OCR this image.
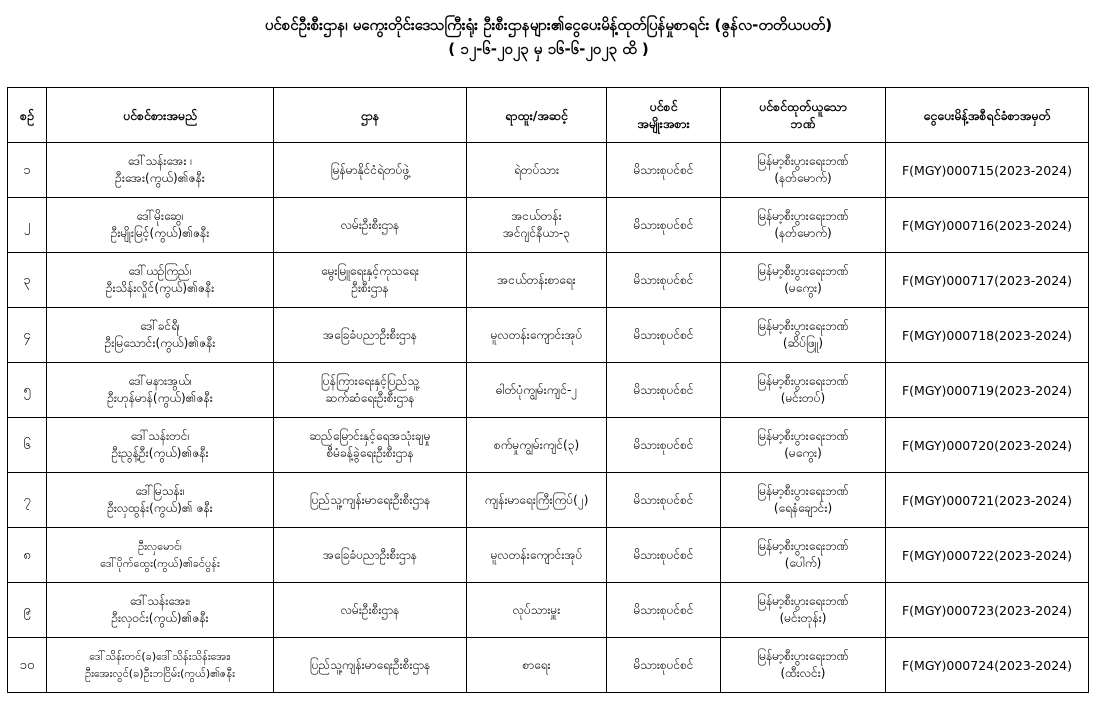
ပင်စင်ဦးစီးဌာန၊ မကွေးတိုင်းဒေသကြီးရုံး ဦးစီးဌာနများ၏ငွေပေးမိန့်ထုတ်ပြန်မှုစာရင်း (ဇွန်လ-တတိယပတ်)
( ၁၂-၆-၂၀၂၃ မှ ၁၆-၆-၂၀၂၃ ထိ )
စဉ်	ပင်စင်စားအမည်	ဌာန	ရာထူး/အဆင့်	ပင်စင်
အမျိုးအစား	ပင်စင်ထုတ်ယူသော
ဘဏ်	ငွေပေးမိန့်အစီရင်ခံစာအမှတ်
၁	ဒေါ်သန်းအေး ၊
ဦးအေး(ကွယ်)၏ဇနီး	မြန်မာနိုင်ငံရဲတပ်ဖွဲ့	ရဲတပ်သား	မိသားစုပင်စင်	မြန်မာ့စီးပွားရေးဘဏ်
(နတ်မောက်)	F(MGY)000715(2023-2024)
၂	ဒေါ်မိုးဆွေ၊
ဦးမျိုးမြင့်(ကွယ်)၏ဇနီး	လမ်းဦးစီးဌာန	အငယ်တန်း
အင်ဂျင်နီယာ-၃	မိသားစုပင်စင်	မြန်မာ့စီးပွားရေးဘဏ်
(နတ်မောက်)	F(MGY)000716(2023-2024)
၃	ဒေါ်ယဉ်ကြည်၊
ဦးသိန်းလှိုင်(ကွယ်)၏ဇနီး	မွေးမြူရေးနှင့်ကုသရေး
ဦးစီးဌာန	အငယ်တန်းစာရေး	မိသားစုပင်စင်	မြန်မာ့စီးပွားရေးဘဏ်
(မကွေး)	F(MGY)000717(2023-2024)
၄	ဒေါ်ခင်ရီ၊
ဦးမြသောင်း(ကွယ်)၏ဇနီး	အခြေခံပညာဦးစီးဌာန	မူလတန်းကျောင်းအုပ်	မိသားစုပင်စင်	မြန်မာ့စီးပွားရေးဘဏ်
(ဆိပ်ဖြူ)	F(MGY)000718(2023-2024)
၅	ဒေါ်မနားအွယ်၊
ဦးဟုန်မာန်(ကွယ်)၏ဇနီး	ပြန်ကြားရေးနှင့်ပြည်သူ့
ဆက်ဆံရေးဦးစီးဌာန	ဓါတ်ပုံကျွမ်းကျင်-၂	မိသားစုပင်စင်	မြန်မာ့စီးပွားရေးဘဏ်
(မင်းတပ်)	F(MGY)000719(2023-2024)
၆	ဒေါ်သန်းတင်၊
ဦးညွန့်ဦး(ကွယ်)၏ဇနီး	ဆည်မြောင်းနှင့်ရေအသုံးချမှု
စီမံခန့်ခွဲရေးဦးစီးဌာန	စက်မှုကျွမ်းကျင်(၃)	မိသားစုပင်စင်	မြန်မာ့စီးပွားရေးဘဏ်
(မကွေး)	F(MGY)000720(2023-2024)
၇	ဒေါ်မြသန်း၊
ဦးလှထွန်း(ကွယ်)၏ ဇနီး	ပြည်သူ့ကျန်းမာရေးဦးစီးဌာန	ကျန်းမာရေးကြီးကြပ်(၂)	မိသားစုပင်စင်	မြန်မာ့စီးပွားရေးဘဏ်
(ရေနံချောင်း)	F(MGY)000721(2023-2024)
၈	ဦးလှမောင်၊
ဒေါ်ပိုက်ထွေး(ကွယ်)၏ခင်ပွန်း	အခြေခံပညာဦးစီးဌာန	မူလတန်းကျောင်းအုပ်	မိသားစုပင်စင်	မြန်မာ့စီးပွားရေးဘဏ်
(ပေါက်)	F(MGY)000722(2023-2024)
၉	ဒေါ်သန်းအေး၊
ဦးလှဝင်း(ကွယ်)၏ဇနီး	လမ်းဦးစီးဌာန	လုပ်သားမှူး	မိသားစုပင်စင်	မြန်မာ့စီးပွားရေးဘဏ်
(မင်းတုန်း)	F(MGY)000723(2023-2024)
၁၀	ဒေါ်သိန်းတင်(ခ)ဒေါ်သိန်းသိန်းအေး၊
ဦးအေးလွင်(ခ)ဦးဘငြိမ်း(ကွယ်)၏ဇနီး	ပြည်သူ့ကျန်းမာရေးဦးစီးဌာန	စာရေး	မိသားစုပင်စင်	မြန်မာ့စီးပွားရေးဘဏ်
(ထီးလင်း)	F(MGY)000724(2023-2024)
